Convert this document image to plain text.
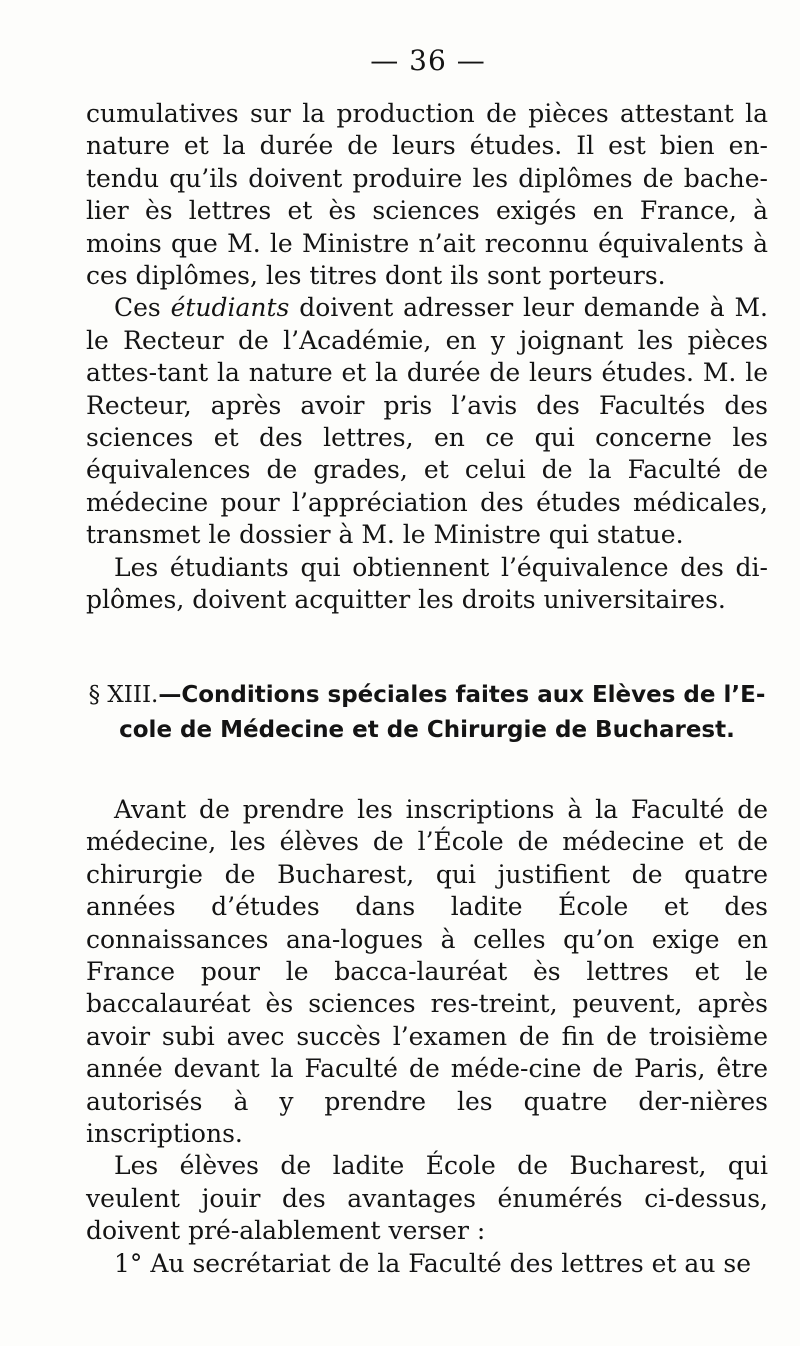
— 36 —

cumulatives sur la production de pièces attestant la nature et la durée de leurs études. Il est bien en-tendu qu’ils doivent produire les diplômes de bache-lier ès lettres et ès sciences exigés en France, à moins que M. le Ministre n’ait reconnu équivalents à ces diplômes, les titres dont ils sont porteurs.

Ces étudiants doivent adresser leur demande à M. le Recteur de l’Académie, en y joignant les pièces attes-tant la nature et la durée de leurs études. M. le Recteur, après avoir pris l’avis des Facultés des sciences et des lettres, en ce qui concerne les équivalences de grades, et celui de la Faculté de médecine pour l’appréciation des études médicales, transmet le dossier à M. le Ministre qui statue.

Les étudiants qui obtiennent l’équivalence des di-plômes, doivent acquitter les droits universitaires.

§ XIII.—Conditions spéciales faites aux Elèves de l’E-cole de Médecine et de Chirurgie de Bucharest.

Avant de prendre les inscriptions à la Faculté de médecine, les élèves de l’École de médecine et de chirurgie de Bucharest, qui justifient de quatre années d’études dans ladite École et des connaissances ana-logues à celles qu’on exige en France pour le bacca-lauréat ès lettres et le baccalauréat ès sciences res-treint, peuvent, après avoir subi avec succès l’examen de fin de troisième année devant la Faculté de méde-cine de Paris, être autorisés à y prendre les quatre der-nières inscriptions.

Les élèves de ladite École de Bucharest, qui veulent jouir des avantages énumérés ci-dessus, doivent pré-alablement verser :

1° Au secrétariat de la Faculté des lettres et au se
